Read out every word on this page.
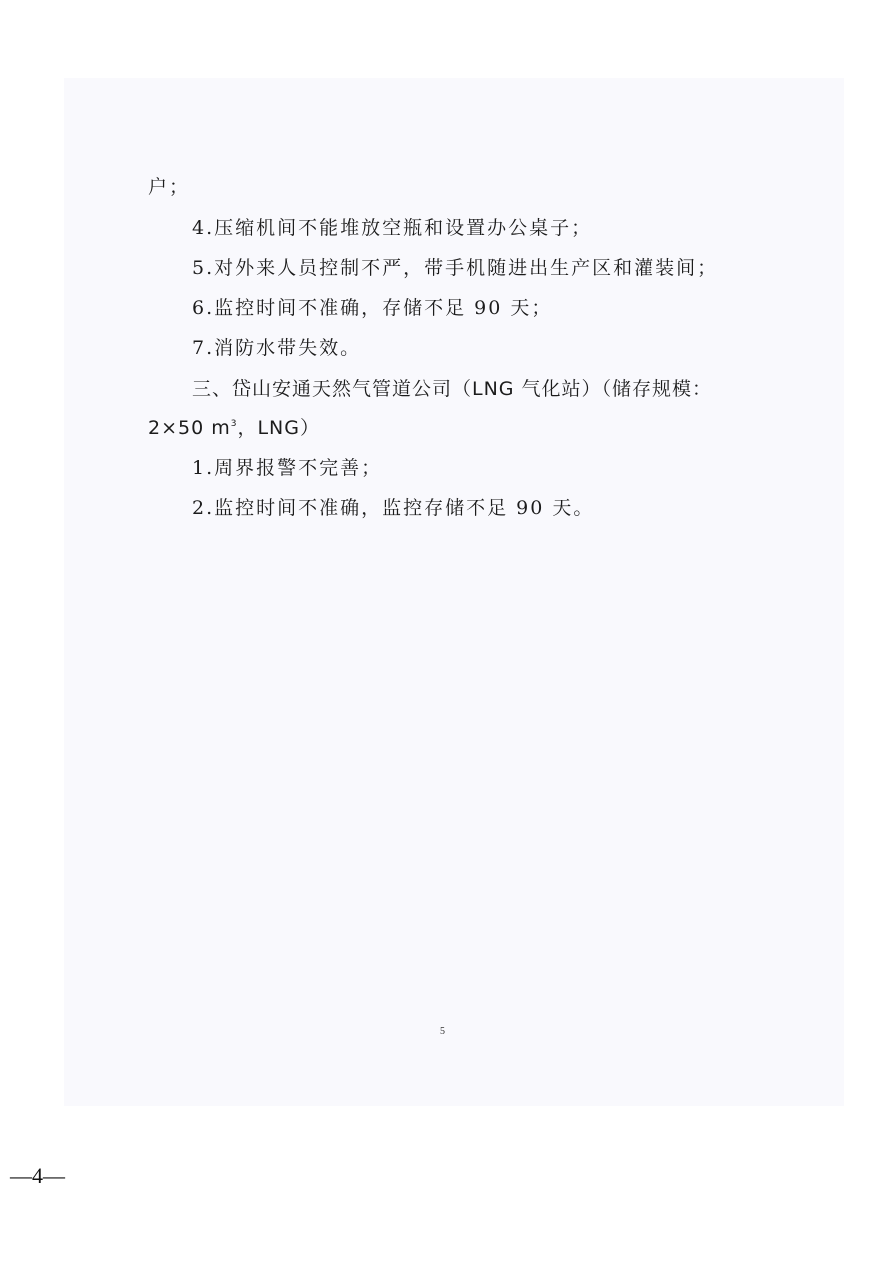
户；
4.压缩机间不能堆放空瓶和设置办公桌子；
5.对外来人员控制不严，带手机随进出生产区和灌装间；
6.监控时间不准确，存储不足 90 天；
7.消防水带失效。
三、岱山安通天然气管道公司（LNG 气化站）（储存规模：
2×50 $m^3$，LNG）
1.周界报警不完善；
2.监控时间不准确，监控存储不足 90 天。
5
—4—
